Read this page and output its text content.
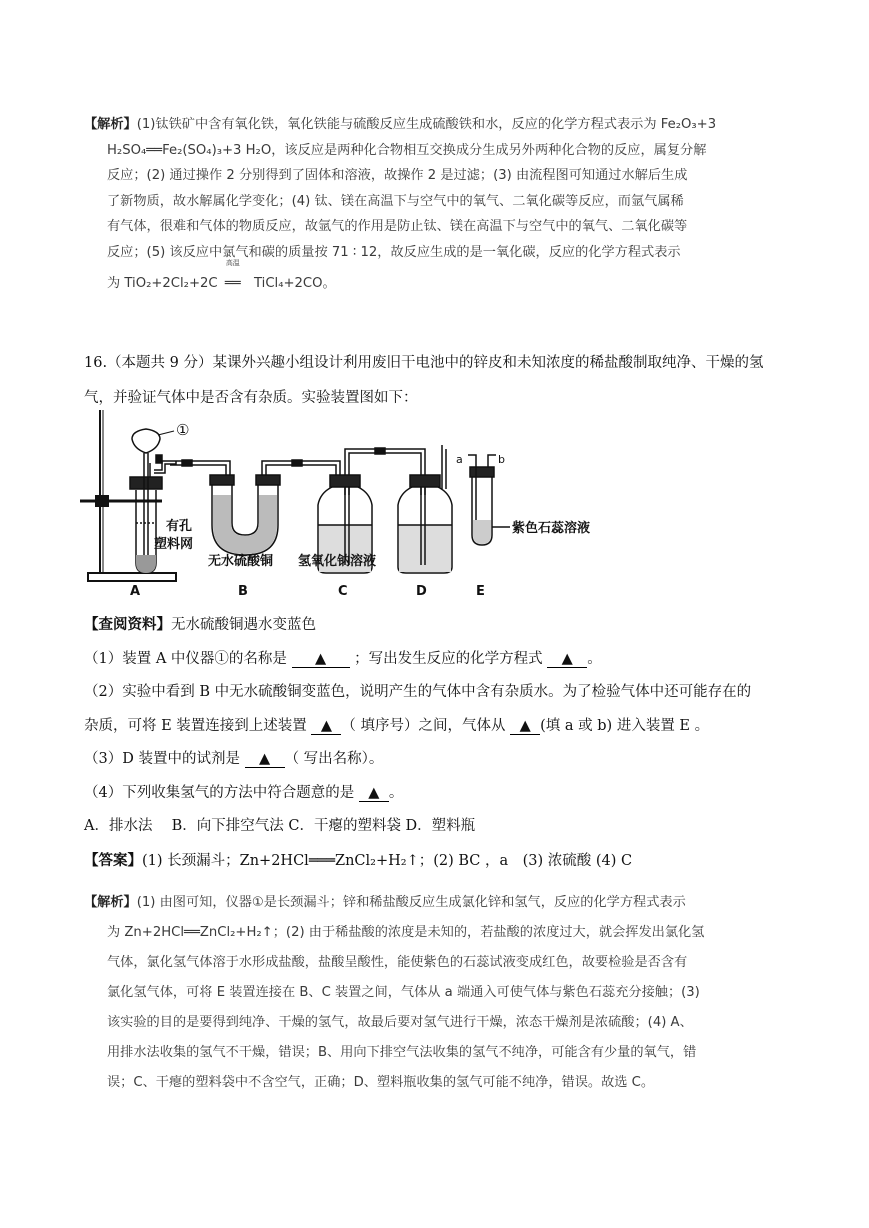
【解析】(1)钛铁矿中含有氧化铁，氧化铁能与硫酸反应生成硫酸铁和水，反应的化学方程式表示为 Fe₂O₃+3
H₂SO₄══Fe₂(SO₄)₃+3 H₂O，该反应是两种化合物相互交换成分生成另外两种化合物的反应，属复分解
反应；(2) 通过操作 2 分别得到了固体和溶液，故操作 2 是过滤；(3) 由流程图可知通过水解后生成
了新物质，故水解属化学变化；(4) 钛、镁在高温下与空气中的氧气、二氧化碳等反应，而氩气属稀
有气体，很难和气体的物质反应，故氩气的作用是防止钛、镁在高温下与空气中的氧气、二氧化碳等
反应；(5) 该反应中氯气和碳的质量按 71 ∶ 12，故反应生成的是一氧化碳，反应的化学方程式表示
为 TiO₂+2Cl₂+2C
高温
══ TiCl₄+2CO。
16.（本题共 9 分）某课外兴趣小组设计利用废旧干电池中的锌皮和未知浓度的稀盐酸制取纯净、干燥的氢
气，并验证气体中是否含有杂质。实验装置图如下：
①
a	b
有孔
塑料网
无水硫酸铜 氢氧化钠溶液
紫色石蕊溶液
A	B	C	D	E
【查阅资料】无水硫酸铜遇水变蓝色
（1）装置 A 中仪器①的名称是 ▲ ；写出发生反应的化学方程式 ▲ 。
（2）实验中看到 B 中无水硫酸铜变蓝色，说明产生的气体中含有杂质水。为了检验气体中还可能存在的
杂质，可将 E 装置连接到上述装置 ▲ （ 填序号）之间，气体从 ▲ (填 a 或 b) 进入装置 E 。
（3）D 装置中的试剂是 ▲ （ 写出名称）。
（4）下列收集氢气的方法中符合题意的是 ▲ 。
A．排水法　 B．向下排空气法 C．干瘪的塑料袋 D．塑料瓶
【答案】(1) 长颈漏斗；Zn+2HCl═══ZnCl₂+H₂↑；(2) BC ，a　(3) 浓硫酸 (4) C
【解析】(1) 由图可知，仪器①是长颈漏斗；锌和稀盐酸反应生成氯化锌和氢气，反应的化学方程式表示
为 Zn+2HCl══ZnCl₂+H₂↑；(2) 由于稀盐酸的浓度是未知的，若盐酸的浓度过大，就会挥发出氯化氢
气体，氯化氢气体溶于水形成盐酸，盐酸呈酸性，能使紫色的石蕊试液变成红色，故要检验是否含有
氯化氢气体，可将 E 装置连接在 B、C 装置之间，气体从 a 端通入可使气体与紫色石蕊充分接触；(3)
该实验的目的是要得到纯净、干燥的氢气，故最后要对氢气进行干燥，浓态干燥剂是浓硫酸；(4) A、
用排水法收集的氢气不干燥，错误；B、用向下排空气法收集的氢气不纯净，可能含有少量的氧气，错
误；C、干瘪的塑料袋中不含空气，正确；D、塑料瓶收集的氢气可能不纯净，错误。故选 C。
